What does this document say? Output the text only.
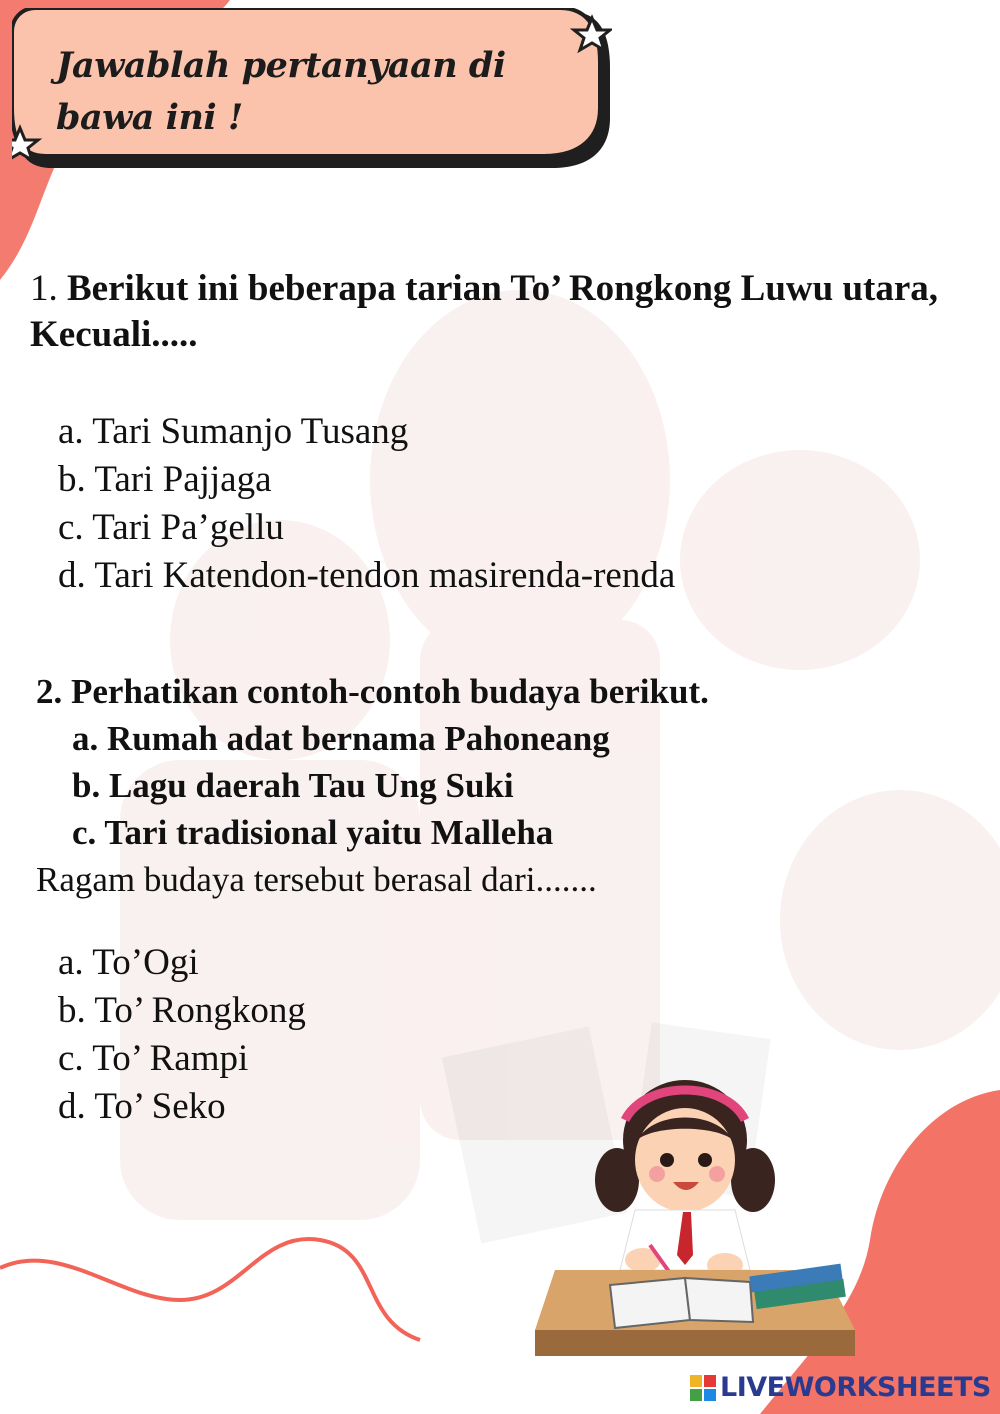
Jawablah pertanyaan di bawa ini !
1. Berikut ini beberapa tarian To’ Rongkong Luwu utara, Kecuali.....
a. Tari Sumanjo Tusang
b. Tari Pajjaga
c. Tari Pa’gellu
d. Tari Katendon-tendon masirenda-renda
2. Perhatikan contoh-contoh budaya berikut.
a. Rumah adat bernama Pahoneang
b. Lagu daerah Tau Ung Suki
c. Tari tradisional yaitu Malleha
Ragam budaya tersebut berasal dari.......
a. To’Ogi
b. To’ Rongkong
c. To’ Rampi
d. To’ Seko
LIVEWORKSHEETS
